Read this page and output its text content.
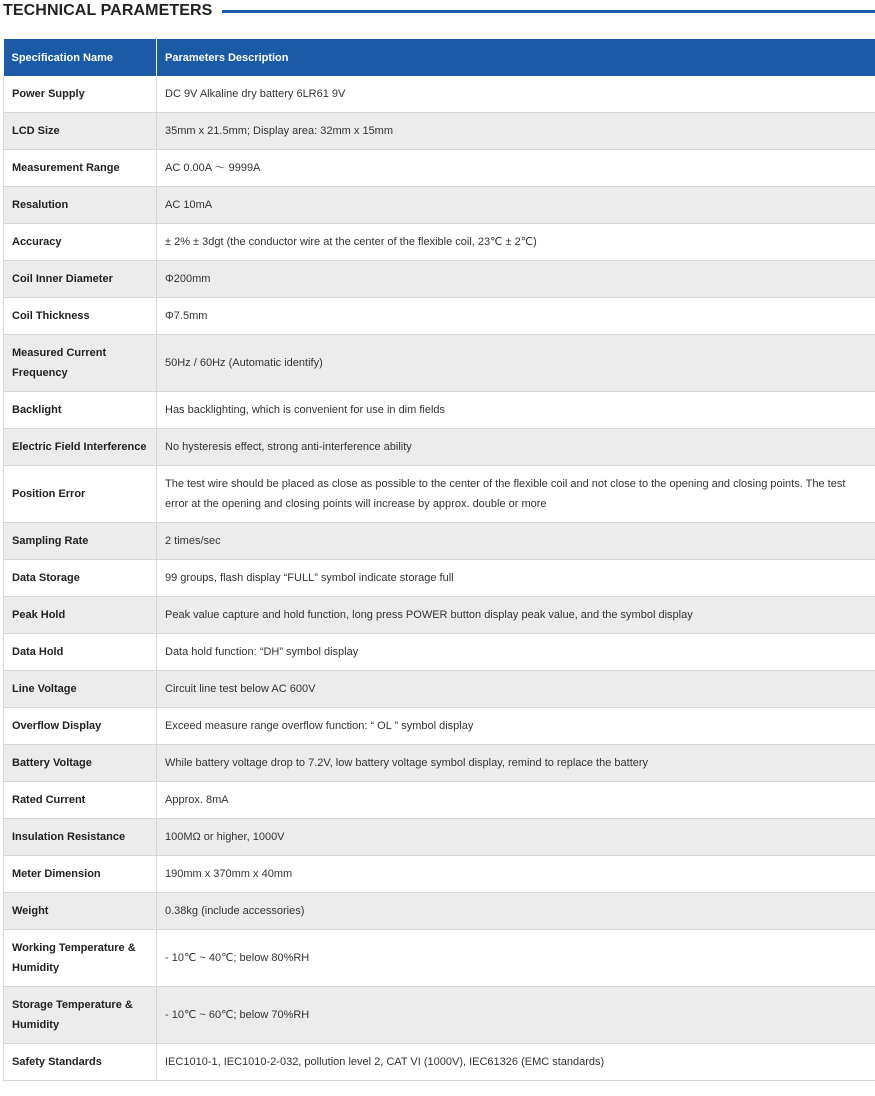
TECHNICAL PARAMETERS
Specification Name	Parameters Description
Power Supply	DC 9V Alkaline dry battery 6LR61 9V
LCD Size	35mm x 21.5mm; Display area: 32mm x 15mm
Measurement Range	AC 0.00A ～ 9999A
Resalution	AC 10mA
Accuracy	± 2% ± 3dgt (the conductor wire at the center of the flexible coil, 23℃ ± 2℃)
Coil Inner Diameter	Φ200mm
Coil Thickness	Φ7.5mm
Measured Current Frequency	50Hz / 60Hz (Automatic identify)
Backlight	Has backlighting, which is convenient for use in dim fields
Electric Field Interference	No hysteresis effect, strong anti-interference ability
Position Error	The test wire should be placed as close as possible to the center of the flexible coil and not close to the opening and closing points. The test error at the opening and closing points will increase by approx. double or more
Sampling Rate	2 times/sec
Data Storage	99 groups, flash display “FULL” symbol indicate storage full
Peak Hold	Peak value capture and hold function, long press POWER button display peak value, and the symbol display
Data Hold	Data hold function: “DH” symbol display
Line Voltage	Circuit line test below AC 600V
Overflow Display	Exceed measure range overflow function: “ OL ” symbol display
Battery Voltage	While battery voltage drop to 7.2V, low battery voltage symbol display, remind to replace the battery
Rated Current	Approx. 8mA
Insulation Resistance	100MΩ or higher, 1000V
Meter Dimension	190mm x 370mm x 40mm
Weight	0.38kg (include accessories)
Working Temperature & Humidity	- 10℃ ~ 40℃; below 80%RH
Storage Temperature & Humidity	- 10℃ ~ 60℃; below 70%RH
Safety Standards	IEC1010-1, IEC1010-2-032, pollution level 2, CAT VI (1000V), IEC61326 (EMC standards)
